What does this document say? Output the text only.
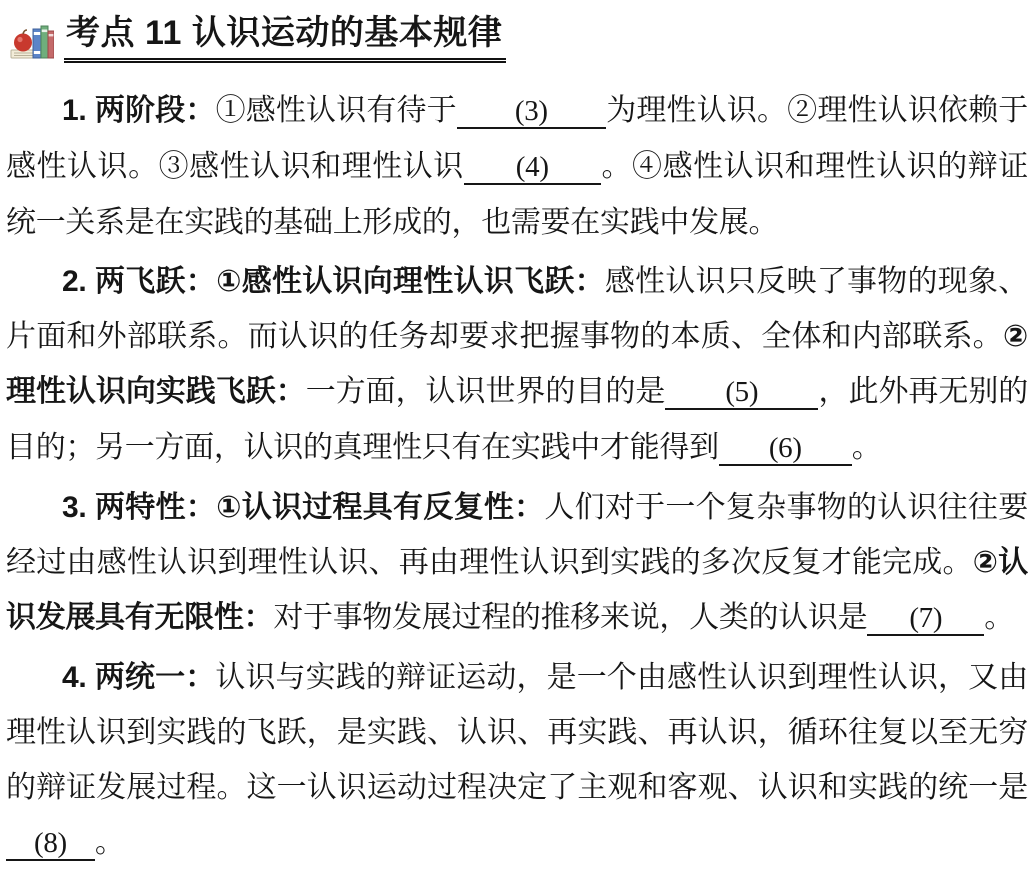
考点 11 认识运动的基本规律

1. 两阶段：①感性认识有待于 (3) 为理性认识。②理性认识依赖于感性认识。③感性认识和理性认识 (4) 。④感性认识和理性认识的辩证统一关系是在实践的基础上形成的，也需要在实践中发展。

2. 两飞跃：①感性认识向理性认识飞跃：感性认识只反映了事物的现象、片面和外部联系。而认识的任务却要求把握事物的本质、全体和内部联系。②理性认识向实践飞跃：一方面，认识世界的目的是 (5) ，此外再无别的目的；另一方面，认识的真理性只有在实践中才能得到 (6) 。

3. 两特性：①认识过程具有反复性：人们对于一个复杂事物的认识往往要经过由感性认识到理性认识、再由理性认识到实践的多次反复才能完成。②认识发展具有无限性：对于事物发展过程的推移来说，人类的认识是 (7) 。

4. 两统一：认识与实践的辩证运动，是一个由感性认识到理性认识，又由理性认识到实践的飞跃，是实践、认识、再实践、再认识，循环往复以至无穷的辩证发展过程。这一认识运动过程决定了主观和客观、认识和实践的统一是(8) 。
